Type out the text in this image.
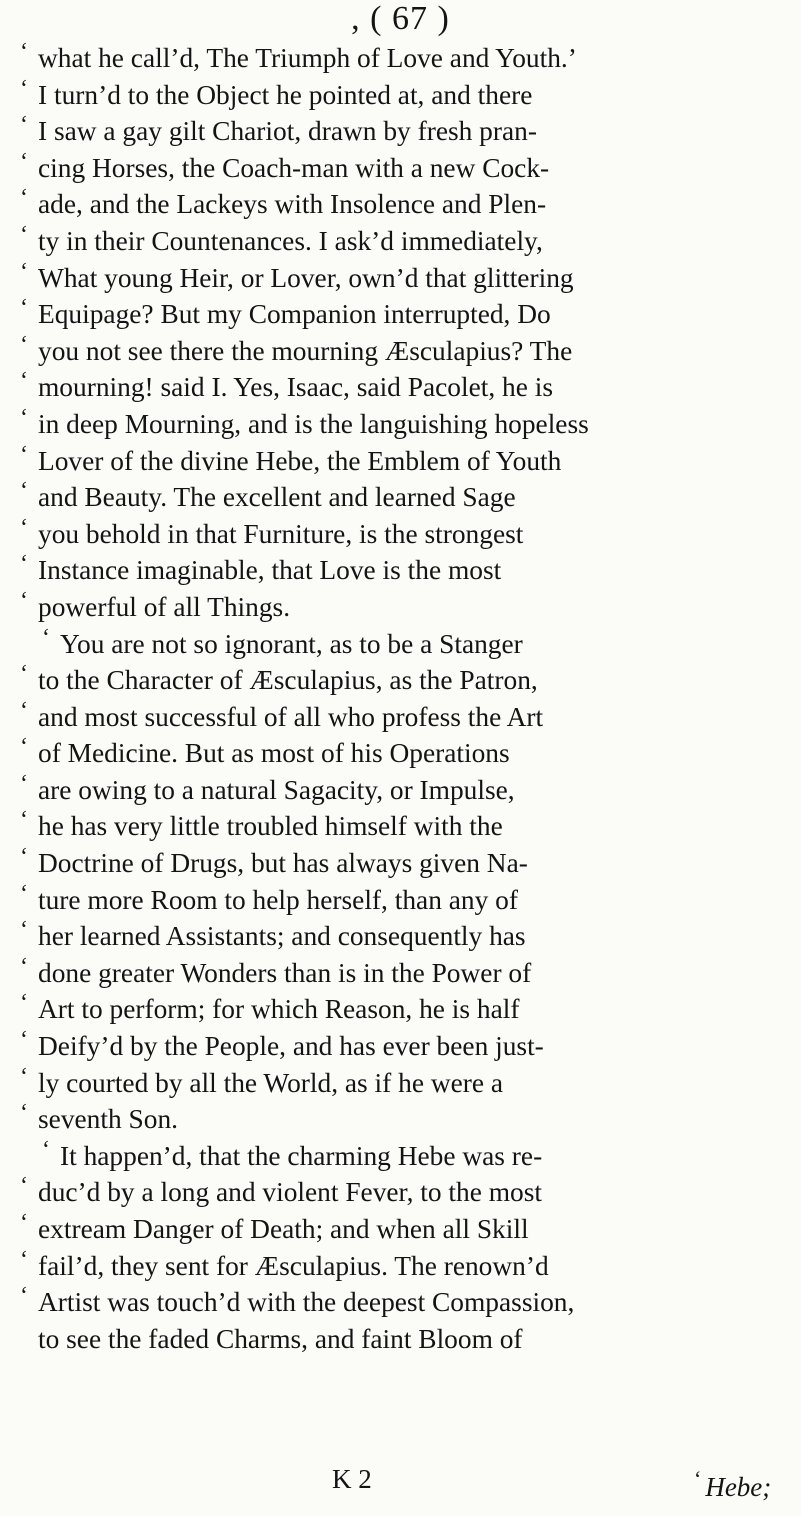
, ( 67 )
‘ what he call’d, The Triumph of Love and Youth.’
‘ I turn’d to the Object he pointed at, and there
‘ I saw a gay gilt Chariot, drawn by fresh pran-
‘ cing Horses, the Coach-man with a new Cock-
‘ ade, and the Lackeys with Insolence and Plen-
‘ ty in their Countenances. I ask’d immediately,
‘ What young Heir, or Lover, own’d that glittering
‘ Equipage? But my Companion interrupted, Do
‘ you not see there the mourning Æsculapius? The
‘ mourning! said I. Yes, Isaac, said Pacolet, he is
‘ in deep Mourning, and is the languishing hopeless
‘ Lover of the divine Hebe, the Emblem of Youth
‘ and Beauty. The excellent and learned Sage
‘ you behold in that Furniture, is the strongest
‘ Instance imaginable, that Love is the most
‘ powerful of all Things.
‘ You are not so ignorant, as to be a Stanger
‘ to the Character of Æsculapius, as the Patron,
‘ and most successful of all who profess the Art
‘ of Medicine. But as most of his Operations
‘ are owing to a natural Sagacity, or Impulse,
‘ he has very little troubled himself with the
‘ Doctrine of Drugs, but has always given Na-
‘ ture more Room to help herself, than any of
‘ her learned Assistants; and consequently has
‘ done greater Wonders than is in the Power of
‘ Art to perform; for which Reason, he is half
‘ Deify’d by the People, and has ever been just-
‘ ly courted by all the World, as if he were a
‘ seventh Son.
‘ It happen’d, that the charming Hebe was re-
‘ duc’d by a long and violent Fever, to the most
‘ extream Danger of Death; and when all Skill
‘ fail’d, they sent for Æsculapius. The renown’d
‘ Artist was touch’d with the deepest Compassion,
to see the faded Charms, and faint Bloom of
K 2	‘ Hebe;
